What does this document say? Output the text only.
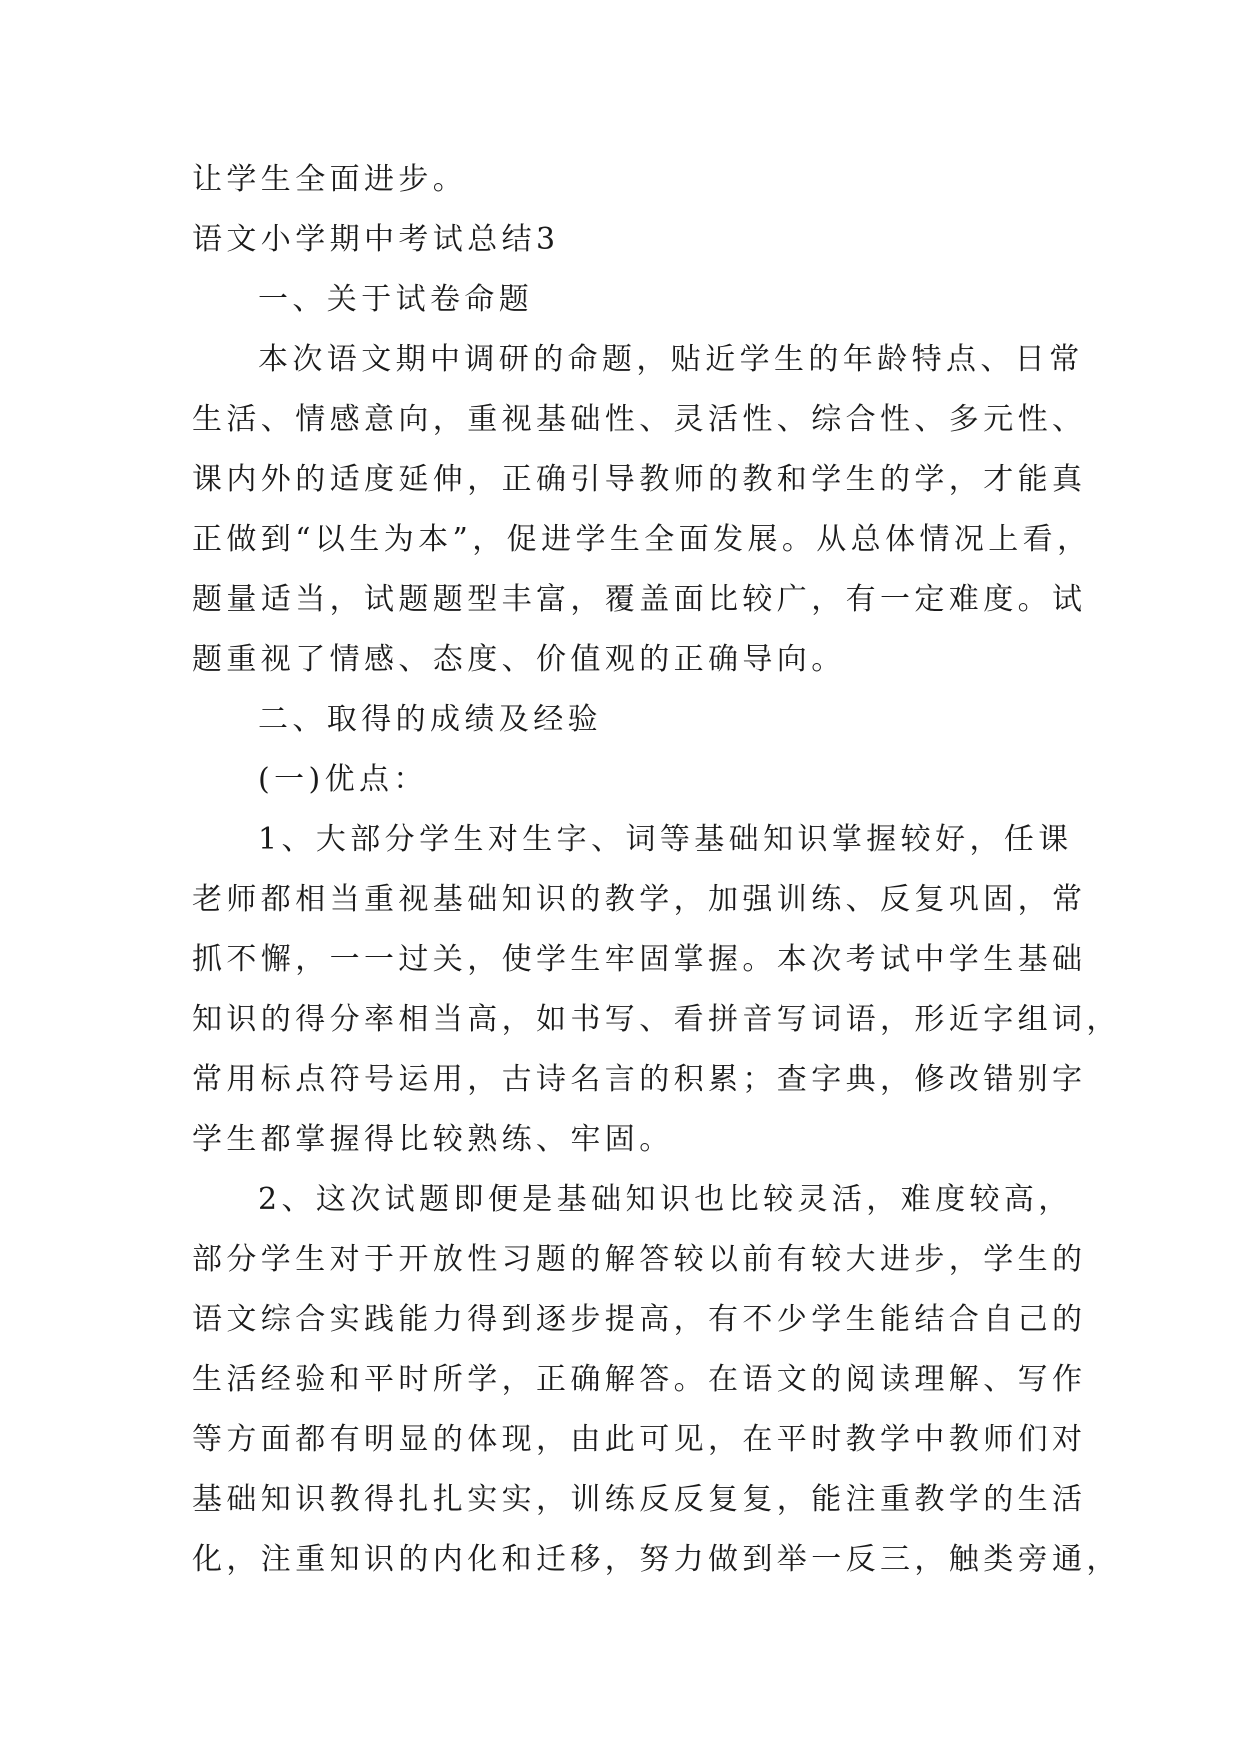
让学生全面进步。
语文小学期中考试总结3
一、关于试卷命题
本次语文期中调研的命题，贴近学生的年龄特点、日常
生活、情感意向，重视基础性、灵活性、综合性、多元性、
课内外的适度延伸，正确引导教师的教和学生的学，才能真
正做到“以生为本”，促进学生全面发展。从总体情况上看，
题量适当，试题题型丰富，覆盖面比较广，有一定难度。试
题重视了情感、态度、价值观的正确导向。
二、取得的成绩及经验
(一)优点：
1、大部分学生对生字、词等基础知识掌握较好，任课
老师都相当重视基础知识的教学，加强训练、反复巩固，常
抓不懈，一一过关，使学生牢固掌握。本次考试中学生基础
知识的得分率相当高，如书写、看拼音写词语，形近字组词，
常用标点符号运用，古诗名言的积累；查字典，修改错别字
学生都掌握得比较熟练、牢固。
2、这次试题即便是基础知识也比较灵活，难度较高，
部分学生对于开放性习题的解答较以前有较大进步，学生的
语文综合实践能力得到逐步提高，有不少学生能结合自己的
生活经验和平时所学，正确解答。在语文的阅读理解、写作
等方面都有明显的体现，由此可见，在平时教学中教师们对
基础知识教得扎扎实实，训练反反复复，能注重教学的生活
化，注重知识的内化和迁移，努力做到举一反三，触类旁通，
